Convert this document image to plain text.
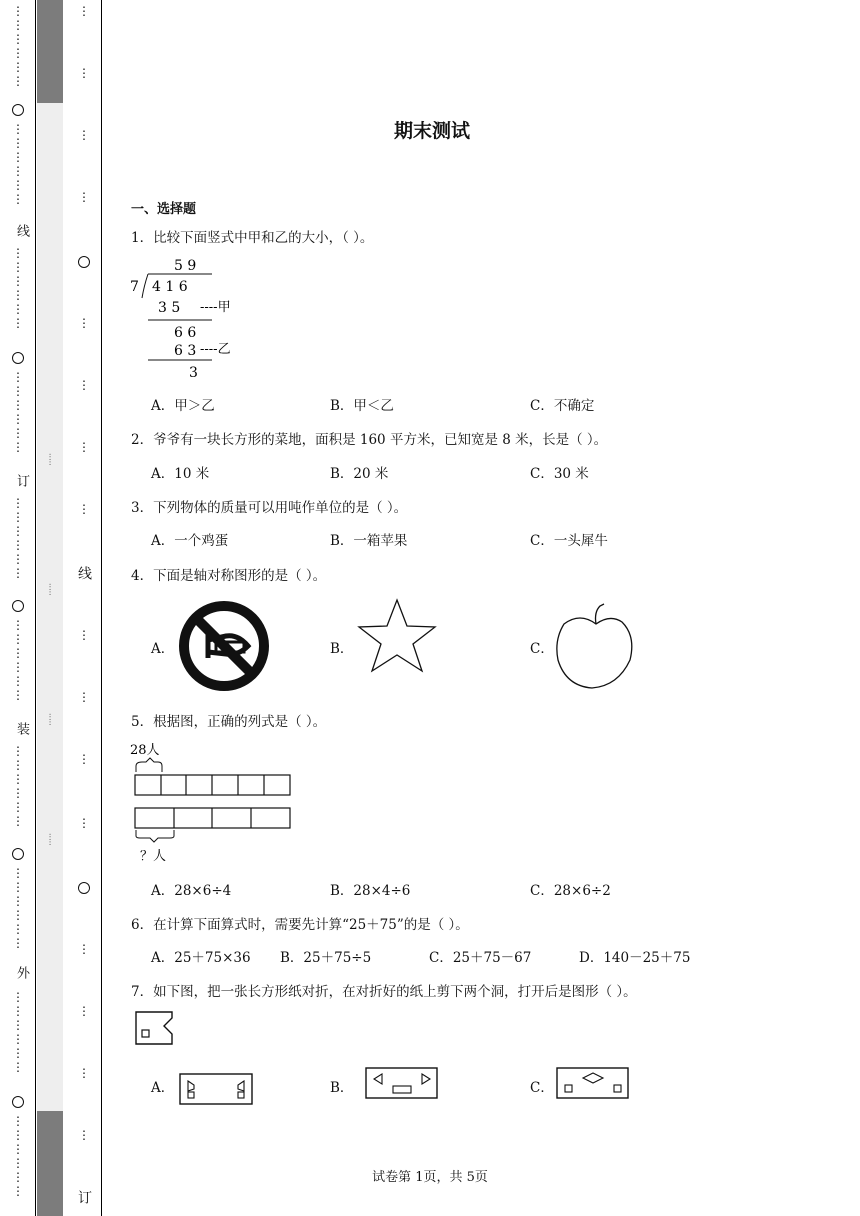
⋮
⋮
⋮
⋮
⋮
⋮
⋮
⋮
⋮
⋮
⋮
⋮
线
⋮
⋮
⋮
⋮
⋮
⋮
⋮
⋮
⋮
⋮
⋮
⋮
订
⋮
⋮
⋮
⋮
⋮
⋮
⋮
⋮
⋮
⋮
⋮
⋮
装
⋮
⋮
⋮
⋮
⋮
⋮
⋮
⋮
⋮
⋮
⋮
⋮
外
⋮
⋮
⋮
⋮
⋮
⋮
⋮
⋮
⋮
⋮
⋮
⋮
·····
·····
·····
·····
⋮
⋮
⋮
⋮
⋮
⋮
⋮
⋮
线
⋮
⋮
⋮
⋮
⋮
⋮
⋮
⋮
订
期末测试
一、选择题
1．比较下面竖式中甲和乙的大小，（ ）。
5 9
7 4 1 6
3 5 ----甲
6 6
6 3 ----乙
3
A．甲＞乙	B．甲＜乙	C．不确定
2．爷爷有一块长方形的菜地，面积是 160 平方米，已知宽是 8 米，长是（ ）。
A．10 米	B．20 米	C．30 米
3．下列物体的质量可以用吨作单位的是（ ）。
A．一个鸡蛋	B．一箱苹果	C．一头犀牛
4．下面是轴对称图形的是（ ）。
A．	B．	C．
5．根据图，正确的列式是（ ）。
28人
？人
A．28×6÷4	B．28×4÷6	C．28×6÷2
6．在计算下面算式时，需要先计算“25＋75”的是（ ）。
A．25＋75×36 B．25＋75÷5	C．25＋75－67	D．140－25＋75
7．如下图，把一张长方形纸对折，在对折好的纸上剪下两个洞，打开后是图形（ ）。
A．	B．	C．
试卷第 1页，共 5页
